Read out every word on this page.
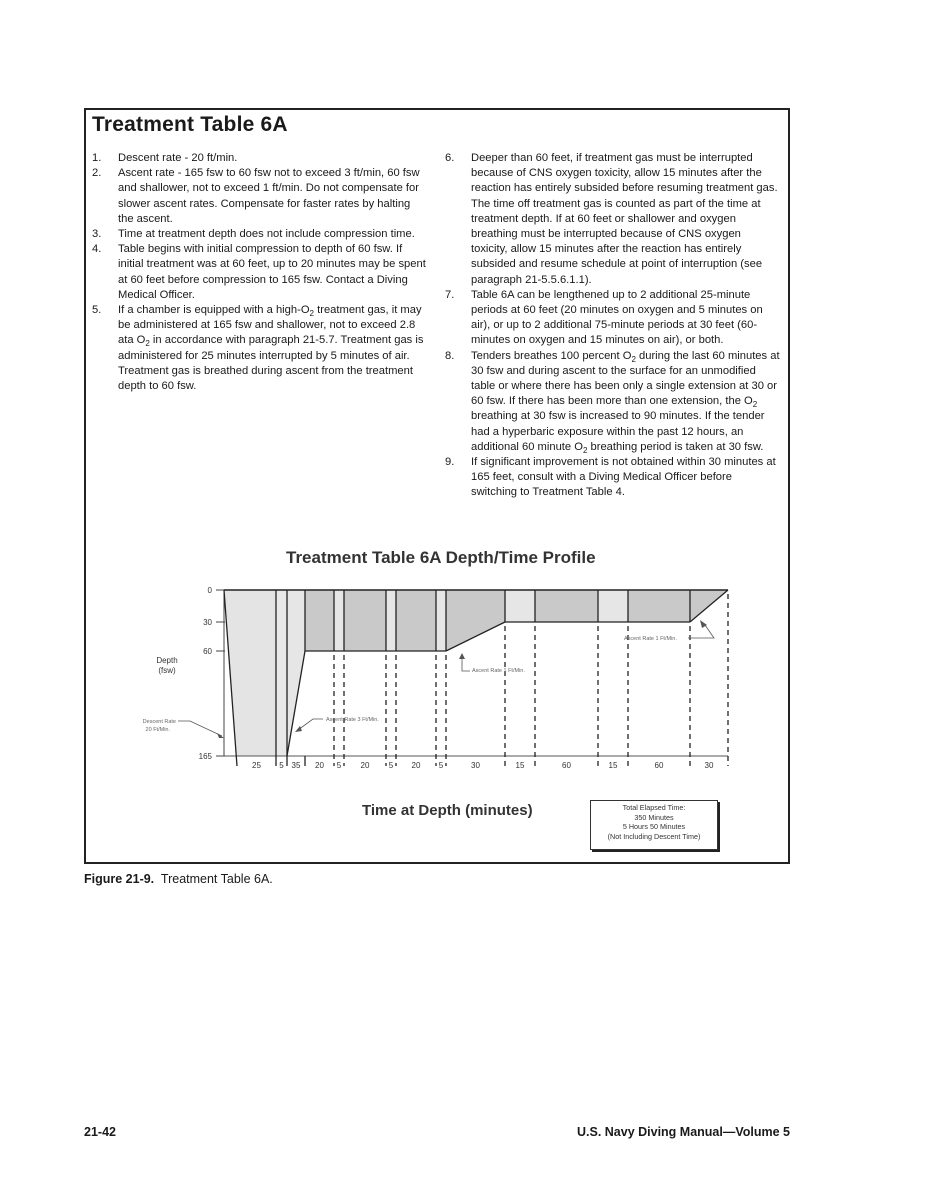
Treatment Table 6A
1.	Descent rate - 20 ft/min.
2.	Ascent rate - 165 fsw to 60 fsw not to exceed 3 ft/min, 60 fsw and shallower, not to exceed 1 ft/min. Do not compensate for slower ascent rates. Compensate for faster rates by halting the ascent.
3.	Time at treatment depth does not include compression time.
4.	Table begins with initial compression to depth of 60 fsw. If initial treatment was at 60 feet, up to 20 minutes may be spent at 60 feet before compression to 165 fsw. Contact a Diving Medical Officer.
5.	If a chamber is equipped with a high-$O_2$ treatment gas, it may be administered at 165 fsw and shallower, not to exceed 2.8 ata $O_2$ in accordance with paragraph 21-5.7. Treatment gas is administered for 25 minutes interrupted by 5 minutes of air. Treatment gas is breathed during ascent from the treatment depth to 60 fsw.
6.	Deeper than 60 feet, if treatment gas must be interrupted because of CNS oxygen toxicity, allow 15 minutes after the reaction has entirely subsided before resuming treatment gas. The time off treatment gas is counted as part of the time at treatment depth. If at 60 feet or shallower and oxygen breathing must be interrupted because of CNS oxygen toxicity, allow 15 minutes after the reaction has entirely subsided and resume schedule at point of interruption (see paragraph 21-5.5.6.1.1).
7.	Table 6A can be lengthened up to 2 additional 25-minute periods at 60 feet (20 minutes on oxygen and 5 minutes on air), or up to 2 additional 75-minute periods at 30 feet (60-minutes on oxygen and 15 minutes on air), or both.
8.	Tenders breathes 100 percent $O_2$ during the last 60 minutes at 30 fsw and during ascent to the surface for an unmodified table or where there has been only a single extension at 30 or 60 fsw. If there has been more than one extension, the $O_2$ breathing at 30 fsw is increased to 90 minutes. If the tender had a hyperbaric exposure within the past 12 hours, an additional 60 minute $O_2$ breathing period is taken at 30 fsw.
9.	If significant improvement is not obtained within 30 minutes at 165 feet, consult with a Diving Medical Officer before switching to Treatment Table 4.
Treatment Table 6A Depth/Time Profile
0
30
60
165
Depth
(fsw)
25 5 35 20 5 20 5 20 5	30	15	60	15	60	30
Descent Rate
20 Ft/Min.
Ascent Rate 3 Ft/Min.
Ascent Rate 1 Ft/Min.
Ascent Rate 1 Ft/Min.
Time at Depth (minutes)	Total Elapsed Time:
350 Minutes
5 Hours 50 Minutes
(Not Including Descent Time)
Figure 21-9. Treatment Table 6A.
21-42	U.S. Navy Diving Manual—Volume 5
